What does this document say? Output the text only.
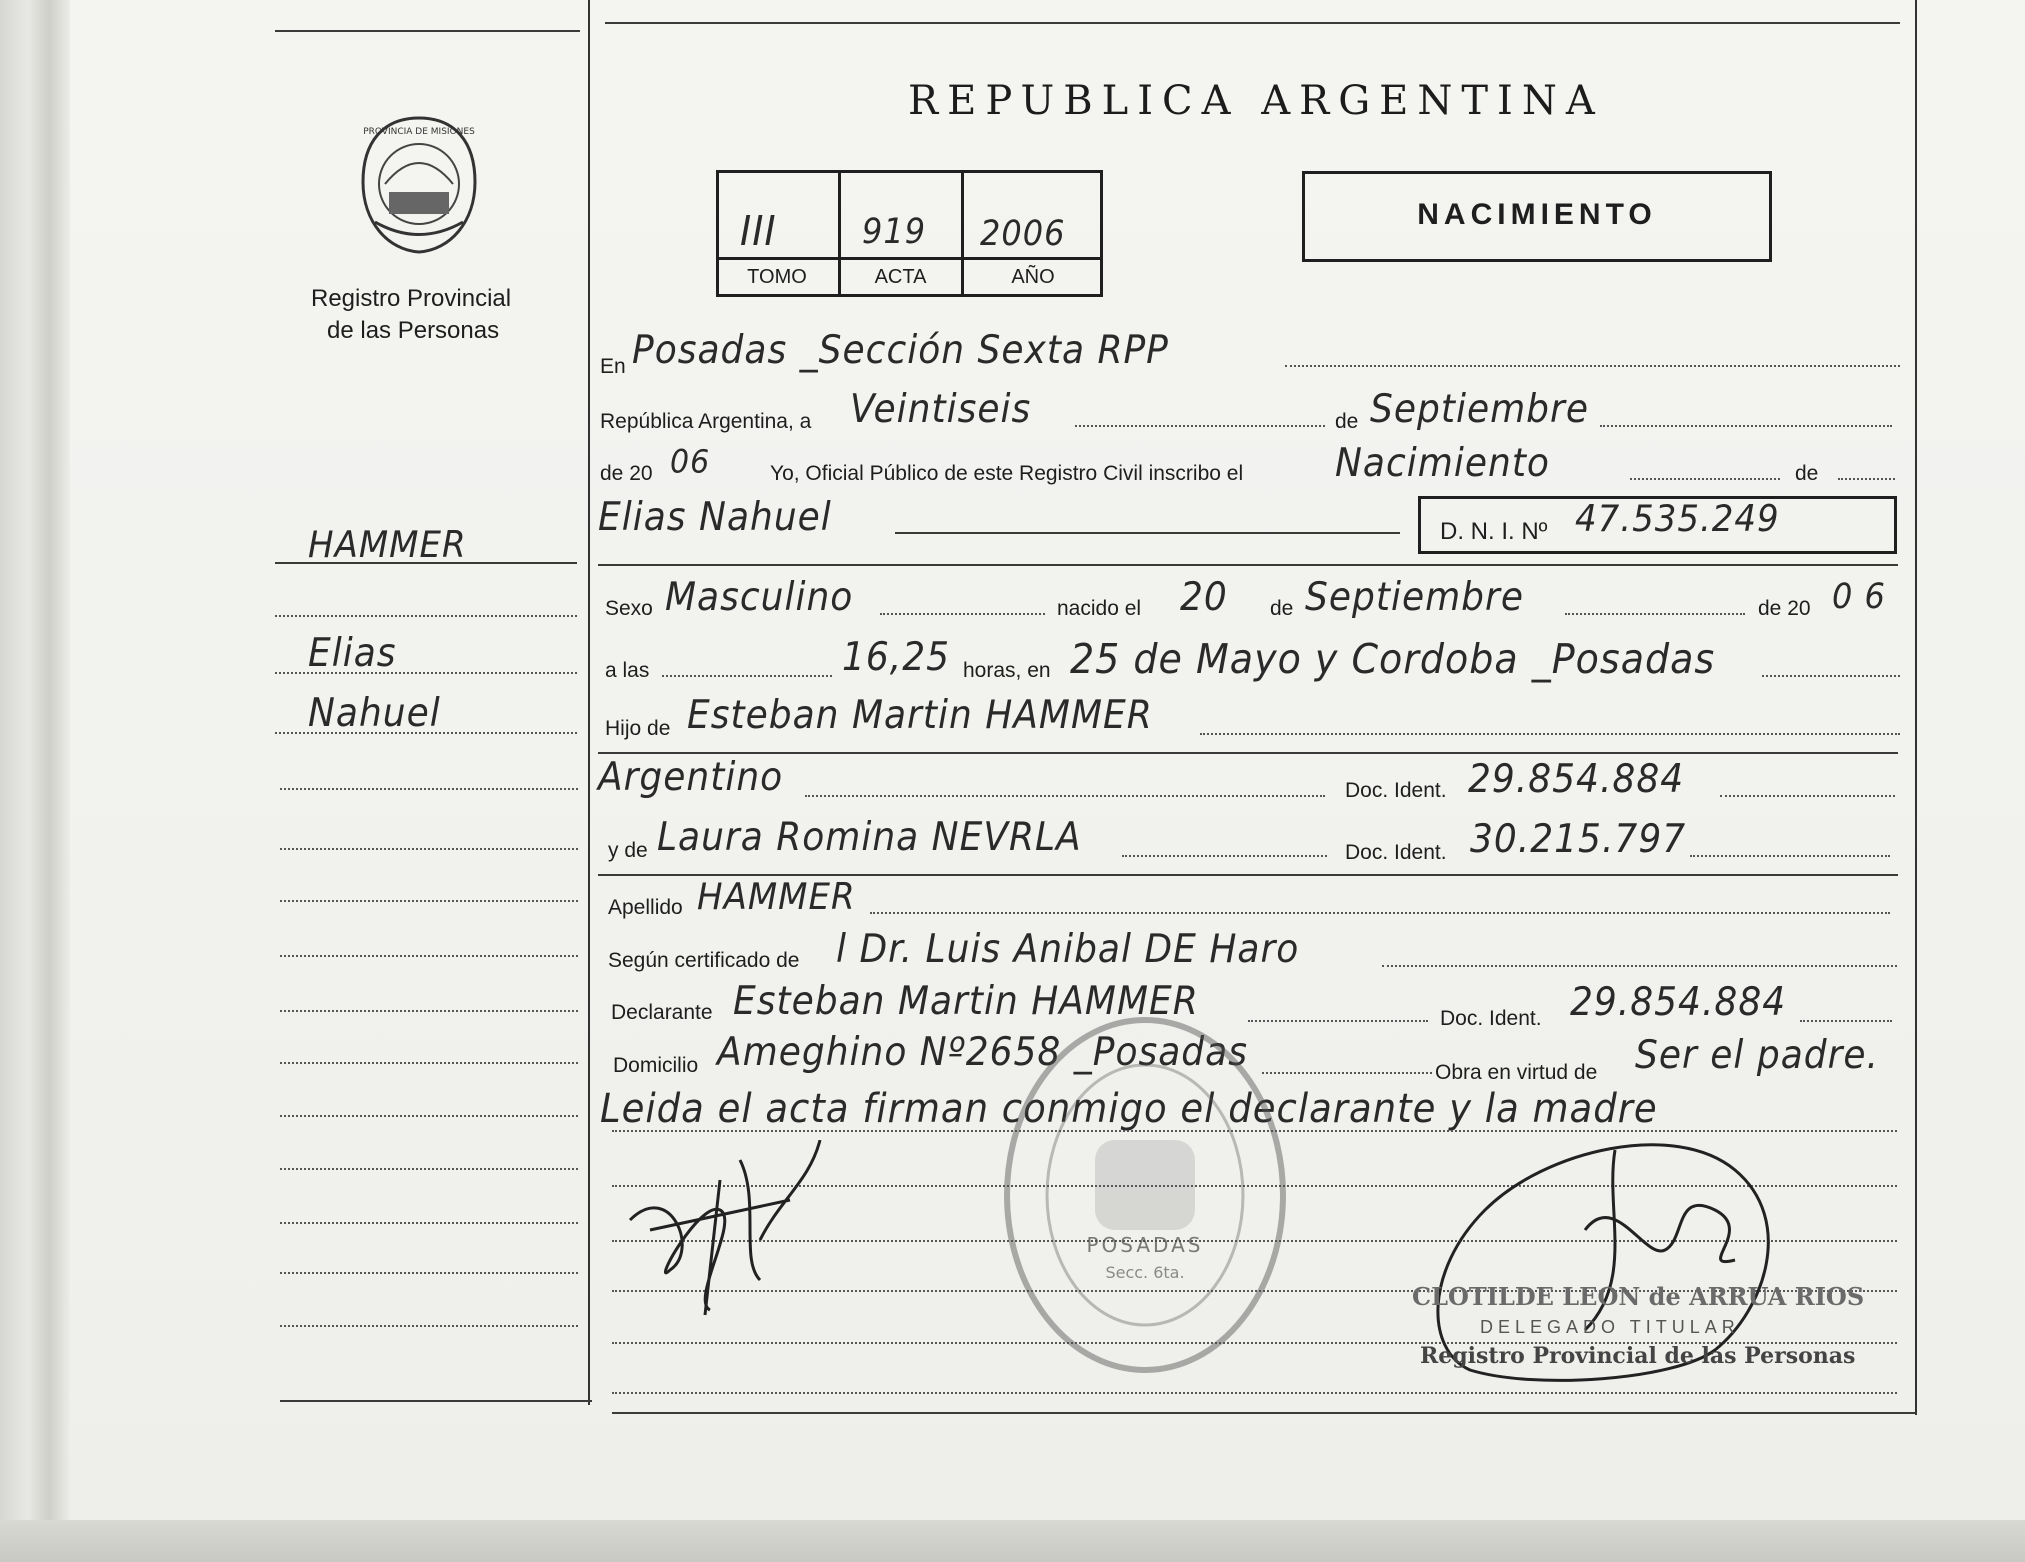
PROVINCIA DE MISIONES
Registro Provincial
de las Personas
REPUBLICA ARGENTINA
III	919 2006
TOMO	ACTA	AÑO
NACIMIENTO
HAMMER
Elias
Nahuel
En Posadas _Sección Sexta RPP
República Argentina, a Veintiseis	de Septiembre
de 20 06	Yo, Oficial Público de este Registro Civil inscribo el	Nacimiento	de
Elias Nahuel	D. N. I. Nº 47.535.249
Sexo Masculino	nacido el 20 de Septiembre	de 20 0 6
a las	16,25 horas, en 25 de Mayo y Cordoba _Posadas
Hijo de Esteban Martin HAMMER
Argentino	Doc. Ident. 29.854.884
y de Laura Romina NEVRLA	Doc. Ident. 30.215.797
Apellido HAMMER
Según certificado de l Dr. Luis Anibal DE Haro
Declarante Esteban Martin HAMMER	Doc. Ident. 29.854.884
Domicilio Ameghino Nº2658 _Posadas	Obra en virtud de Ser el padre.
Leida el acta firman conmigo el declarante y la madre
POSADAS
Secc. 6ta.
CLOTILDE LEON de ARRUA RIOS
DELEGADO TITULAR
Registro Provincial de las Personas
